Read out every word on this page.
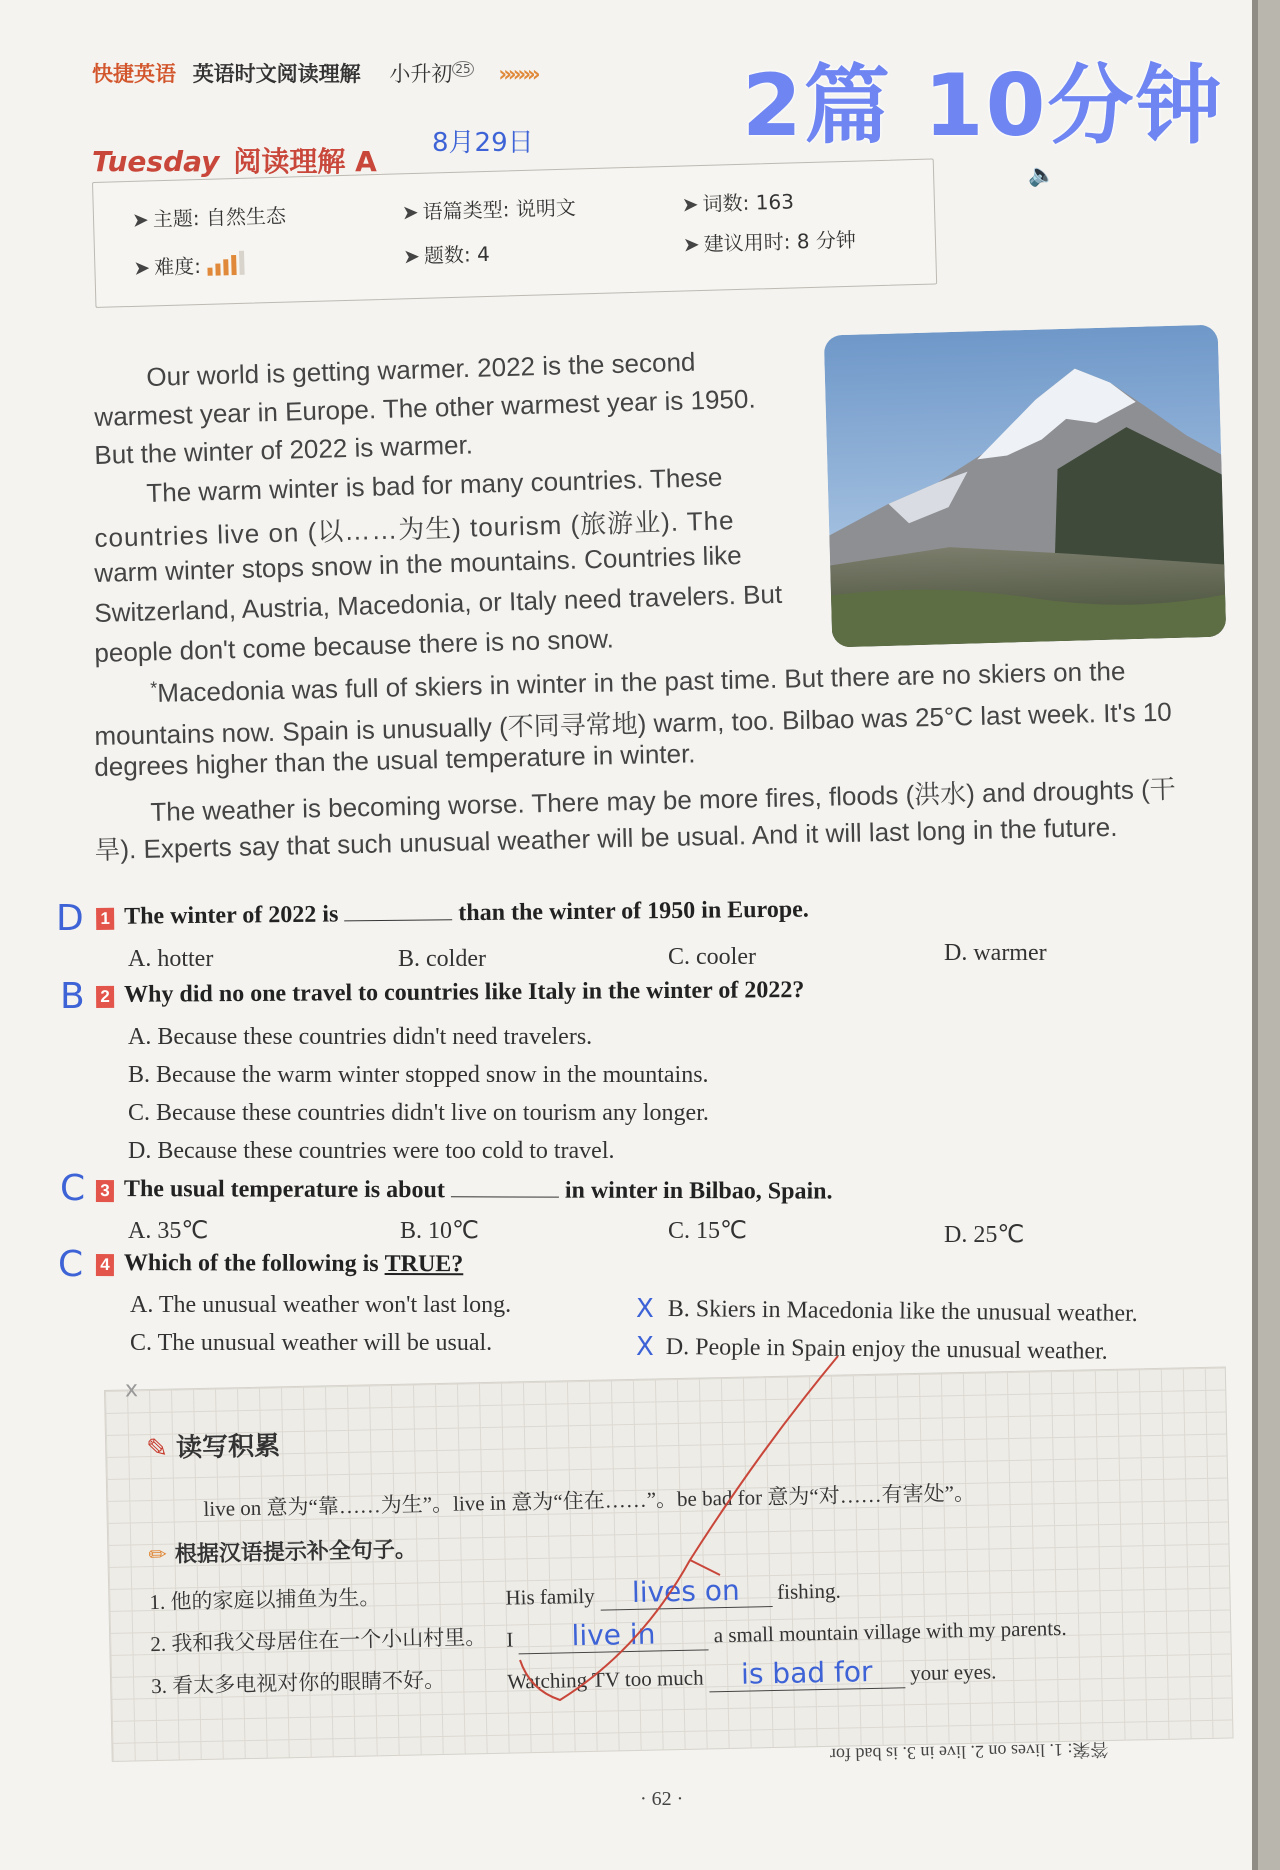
快捷英语 英语时文阅读理解 小升初 $^{25}$ »»»» 2篇 10分钟
Tuesday 阅读理解 A
8月29日
🔈
➤ 主题: 自然生态	➤ 语篇类型: 说明文	➤ 词数: 163
➤ 难度:	➤ 题数: 4	➤ 建议用时: 8 分钟
Our world is getting warmer. 2022 is the second
warmest year in Europe. The other warmest year is 1950.
But the winter of 2022 is warmer.
The warm winter is bad for many countries. These
countries live on (以……为生) tourism (旅游业). The
warm winter stops snow in the mountains. Countries like
Switzerland, Austria, Macedonia, or Italy need travelers. But
people don't come because there is no snow.
*Macedonia was full of skiers in winter in the past time. But there are no skiers on the
mountains now. Spain is unusually (不同寻常地) warm, too. Bilbao was 25°C last week. It's 10
degrees higher than the usual temperature in winter.
The weather is becoming worse. There may be more fires, floods (洪水) and droughts (干
旱). Experts say that such unusual weather will be usual. And it will last long in the future.
D 1 The winter of 2022 is	than the winter of 1950 in Europe.
A. hotter	B. colder	C. cooler	D. warmer
B 2 Why did no one travel to countries like Italy in the winter of 2022?
A. Because these countries didn't need travelers.
B. Because the warm winter stopped snow in the mountains.
C. Because these countries didn't live on tourism any longer.
D. Because these countries were too cold to travel.
C 3 The usual temperature is about	in winter in Bilbao, Spain.
A. 35℃	B. 10℃	C. 15℃	D. 25℃
C 4 Which of the following is TRUE?
A. The unusual weather won't last long.	X B. Skiers in Macedonia like the unusual weather.
C. The unusual weather will be usual.	X D. People in Spain enjoy the unusual weather.
ⅹ
✎ 读写积累
live on 意为“靠……为生”。live in 意为“住在……”。be bad for 意为“对……有害处”。
✏ 根据汉语提示补全句子。
1. 他的家庭以捕鱼为生。	His family lives on fishing.
2. 我和我父母居住在一个小山村里。 I live in	a small mountain village with my parents.
3. 看太多电视对你的眼睛不好。	Watching TV too much is bad for your eyes.
答案: 1. lives on 2. live in 3. is bad for
· 62 ·
